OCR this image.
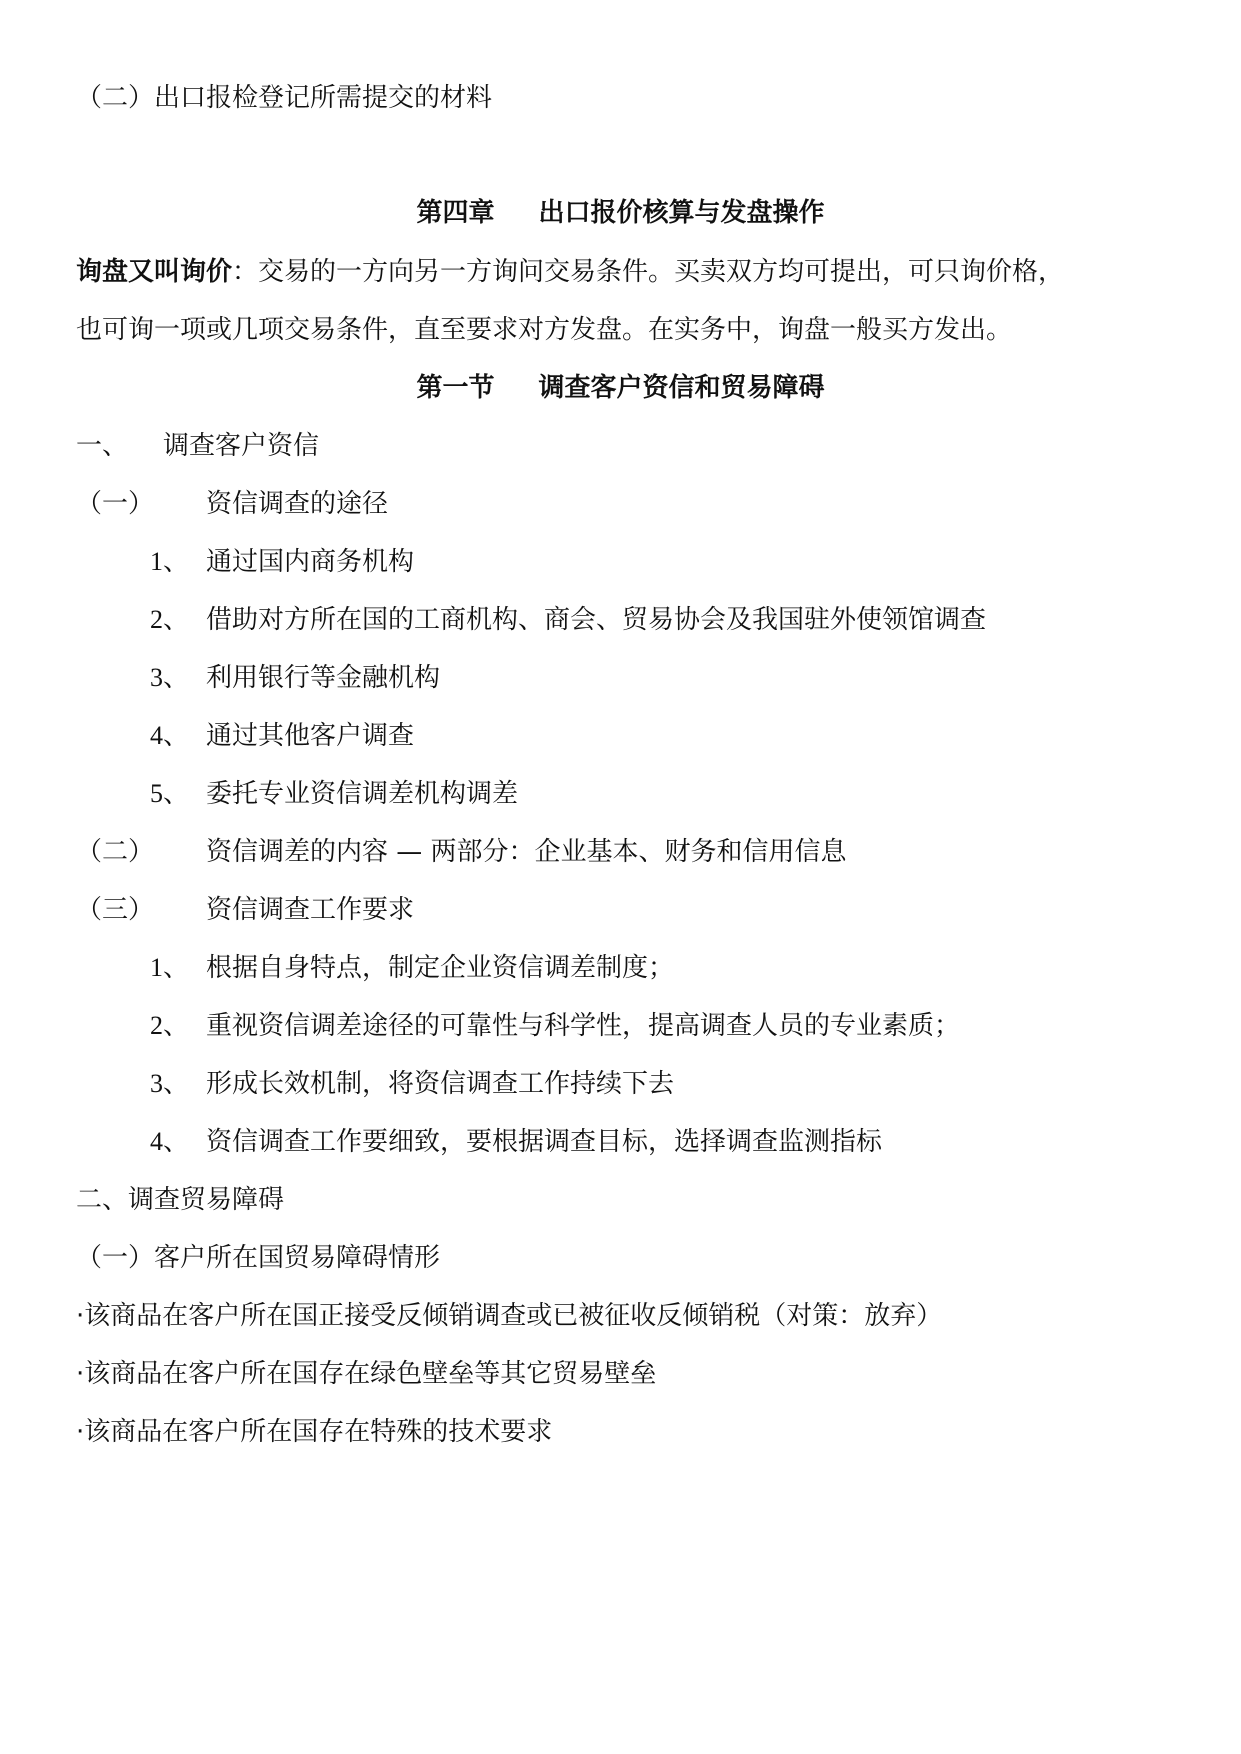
（二）出口报检登记所需提交的材料
第四章 出口报价核算与发盘操作
询盘又叫询价：交易的一方向另一方询问交易条件。买卖双方均可提出，可只询价格，
也可询一项或几项交易条件，直至要求对方发盘。在实务中，询盘一般买方发出。
第一节 调查客户资信和贸易障碍
一、 调查客户资信
（一） 资信调查的途径
1、 通过国内商务机构
2、 借助对方所在国的工商机构、商会、贸易协会及我国驻外使领馆调查
3、 利用银行等金融机构
4、 通过其他客户调查
5、 委托专业资信调差机构调差
（二） 资信调差的内容 — 两部分：企业基本、财务和信用信息
（三） 资信调查工作要求
1、 根据自身特点，制定企业资信调差制度；
2、 重视资信调差途径的可靠性与科学性，提高调查人员的专业素质；
3、 形成长效机制，将资信调查工作持续下去
4、 资信调查工作要细致，要根据调查目标，选择调查监测指标
二、调查贸易障碍
（一）客户所在国贸易障碍情形
·该商品在客户所在国正接受反倾销调查或已被征收反倾销税（对策：放弃）
·该商品在客户所在国存在绿色壁垒等其它贸易壁垒
·该商品在客户所在国存在特殊的技术要求
